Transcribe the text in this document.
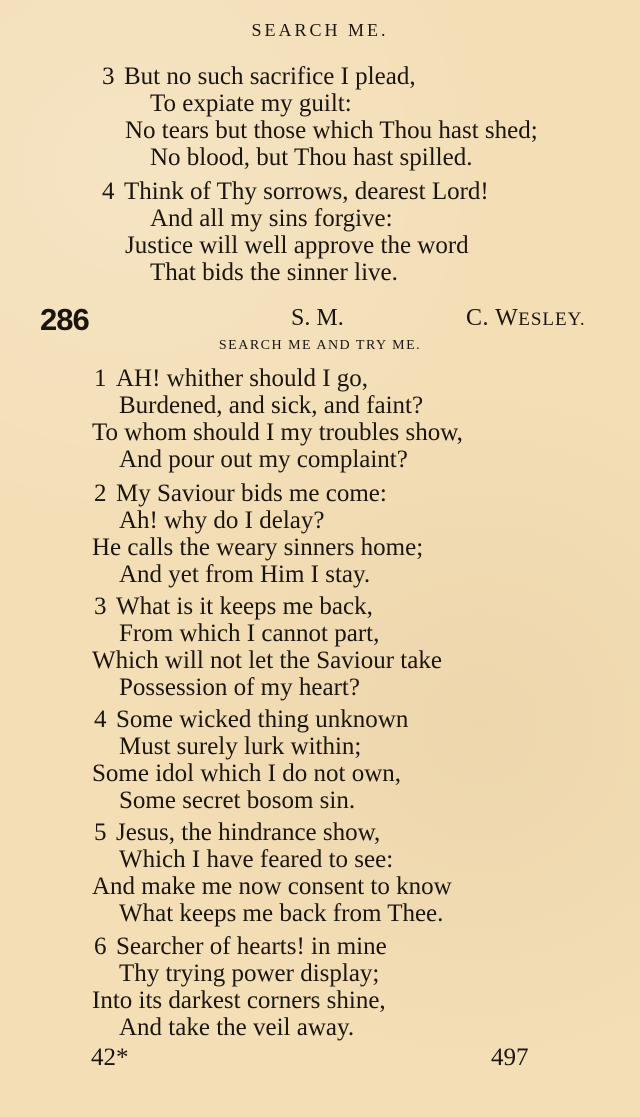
SEARCH ME.
3 But no such sacrifice I plead,
To expiate my guilt:
No tears but those which Thou hast shed;
No blood, but Thou hast spilled.
4 Think of Thy sorrows, dearest Lord!
And all my sins forgive:
Justice will well approve the word
That bids the sinner live.
286	S. M.	C. WESLEY.
SEARCH ME AND TRY ME.
1 AH! whither should I go,
Burdened, and sick, and faint?
To whom should I my troubles show,
And pour out my complaint?
2 My Saviour bids me come:
Ah! why do I delay?
He calls the weary sinners home;
And yet from Him I stay.
3 What is it keeps me back,
From which I cannot part,
Which will not let the Saviour take
Possession of my heart?
4 Some wicked thing unknown
Must surely lurk within;
Some idol which I do not own,
Some secret bosom sin.
5 Jesus, the hindrance show,
Which I have feared to see:
And make me now consent to know
What keeps me back from Thee.
6 Searcher of hearts! in mine
Thy trying power display;
Into its darkest corners shine,
And take the veil away.
42*	497
